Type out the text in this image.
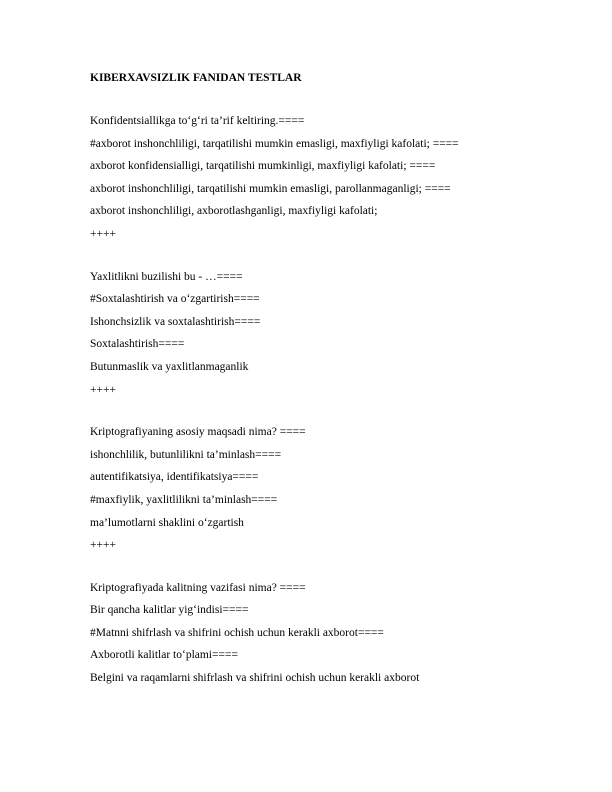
KIBERXAVSIZLIK FANIDAN TESTLAR
Konfidentsiallikga to‘g‘ri ta’rif keltiring.====
#axborot inshonchliligi, tarqatilishi mumkin emasligi, maxfiyligi kafolati; ====
axborot konfidensialligi, tarqatilishi mumkinligi, maxfiyligi kafolati; ====
axborot inshonchliligi, tarqatilishi mumkin emasligi, parollanmaganligi; ====
axborot inshonchliligi, axborotlashganligi, maxfiyligi kafolati;
++++
Yaxlitlikni buzilishi bu - …====
#Soxtalashtirish va o‘zgartirish====
Ishonchsizlik va soxtalashtirish====
Soxtalashtirish====
Butunmaslik va yaxlitlanmaganlik
++++
Kriptografiyaning asosiy maqsadi nima? ====
ishonchlilik, butunlilikni ta’minlash====
autentifikatsiya, identifikatsiya====
#maxfiylik, yaxlitlilikni ta’minlash====
ma’lumotlarni shaklini o‘zgartish
++++
Kriptografiyada kalitning vazifasi nima? ====
Bir qancha kalitlar yig‘indisi====
#Matnni shifrlash va shifrini ochish uchun kerakli axborot====
Axborotli kalitlar to‘plami====
Belgini va raqamlarni shifrlash va shifrini ochish uchun kerakli axborot
